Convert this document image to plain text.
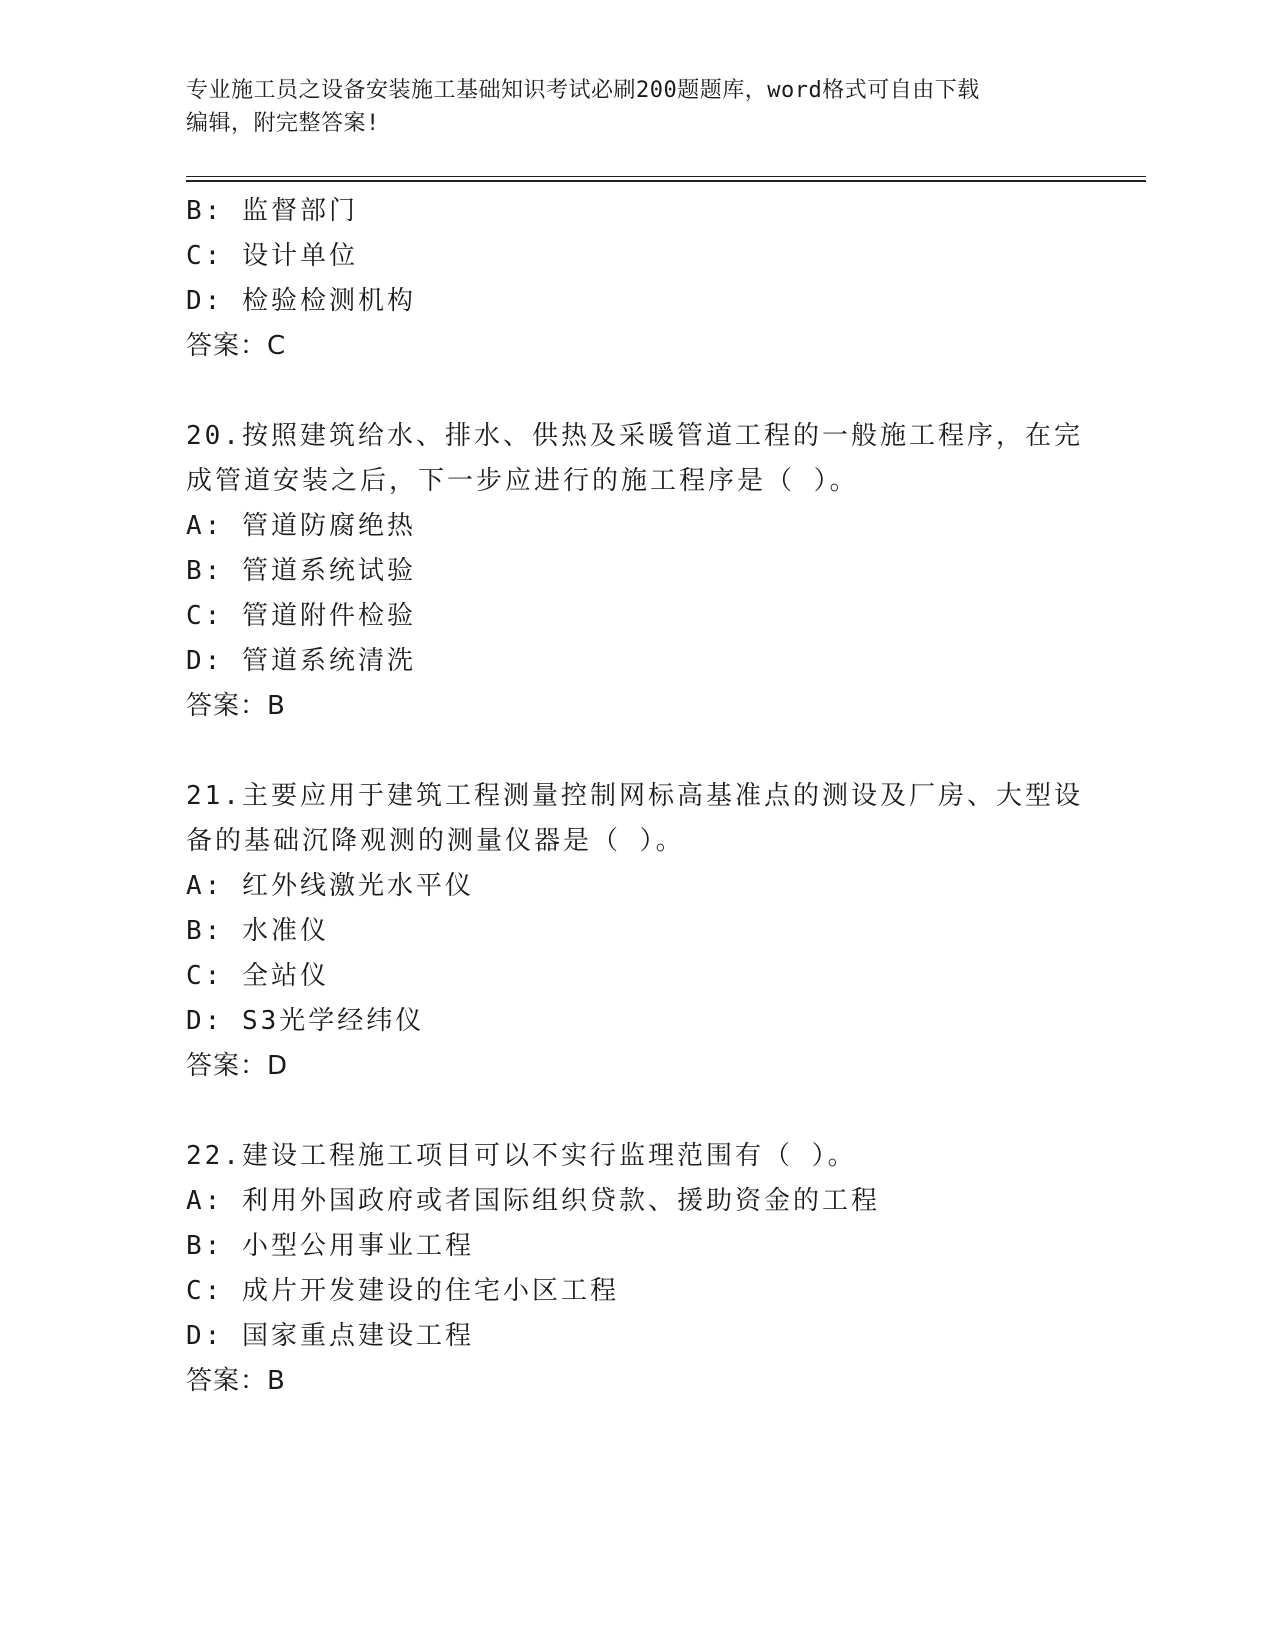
专业施工员之设备安装施工基础知识考试必刷200题题库，word格式可自由下载
编辑，附完整答案!
B: 监督部门
C: 设计单位
D: 检验检测机构
答案：C
20.按照建筑给水、排水、供热及采暖管道工程的一般施工程序，在完
成管道安装之后，下一步应进行的施工程序是（ ）。
A: 管道防腐绝热
B: 管道系统试验
C: 管道附件检验
D: 管道系统清洗
答案：B
21.主要应用于建筑工程测量控制网标高基准点的测设及厂房、大型设
备的基础沉降观测的测量仪器是（ ）。
A: 红外线激光水平仪
B: 水准仪
C: 全站仪
D: S3光学经纬仪
答案：D
22.建设工程施工项目可以不实行监理范围有（ ）。
A: 利用外国政府或者国际组织贷款、援助资金的工程
B: 小型公用事业工程
C: 成片开发建设的住宅小区工程
D: 国家重点建设工程
答案：B
